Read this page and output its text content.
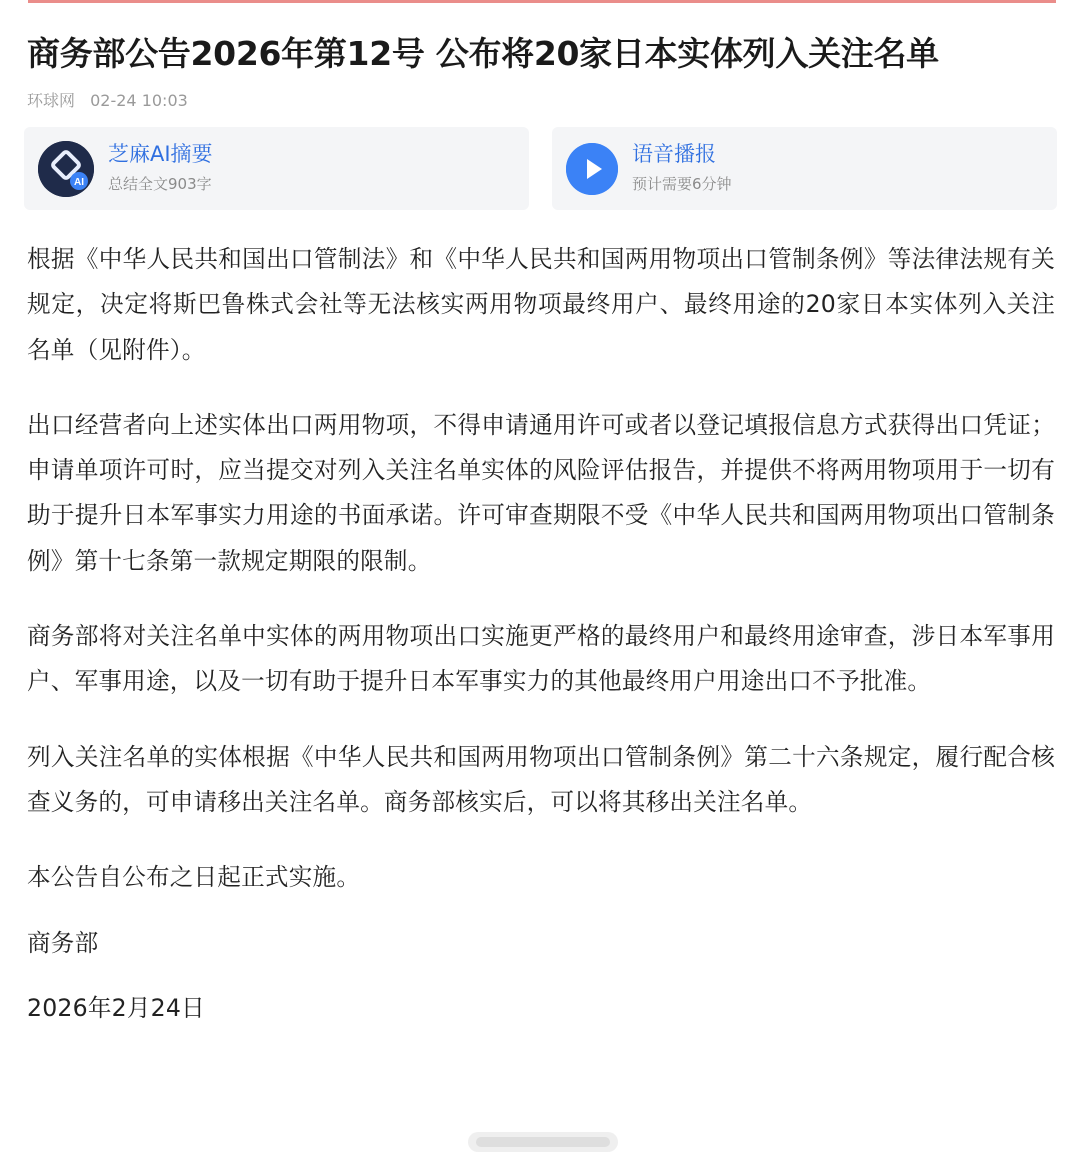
商务部公告2026年第12号 公布将20家日本实体列入关注名单
环球网 02-24 10:03
AI
芝麻AI摘要
总结全文903字
语音播报
预计需要6分钟

根据《中华人民共和国出口管制法》和《中华人民共和国两用物项出口管制条例》等法律法规有关规定，决定将斯巴鲁株式会社等无法核实两用物项最终用户、最终用途的20家日本实体列入关注名单（见附件）。

出口经营者向上述实体出口两用物项，不得申请通用许可或者以登记填报信息方式获得出口凭证；申请单项许可时，应当提交对列入关注名单实体的风险评估报告，并提供不将两用物项用于一切有助于提升日本军事实力用途的书面承诺。许可审查期限不受《中华人民共和国两用物项出口管制条例》第十七条第一款规定期限的限制。

商务部将对关注名单中实体的两用物项出口实施更严格的最终用户和最终用途审查，涉日本军事用户、军事用途，以及一切有助于提升日本军事实力的其他最终用户用途出口不予批准。

列入关注名单的实体根据《中华人民共和国两用物项出口管制条例》第二十六条规定，履行配合核查义务的，可申请移出关注名单。商务部核实后，可以将其移出关注名单。

本公告自公布之日起正式实施。

商务部

2026年2月24日
